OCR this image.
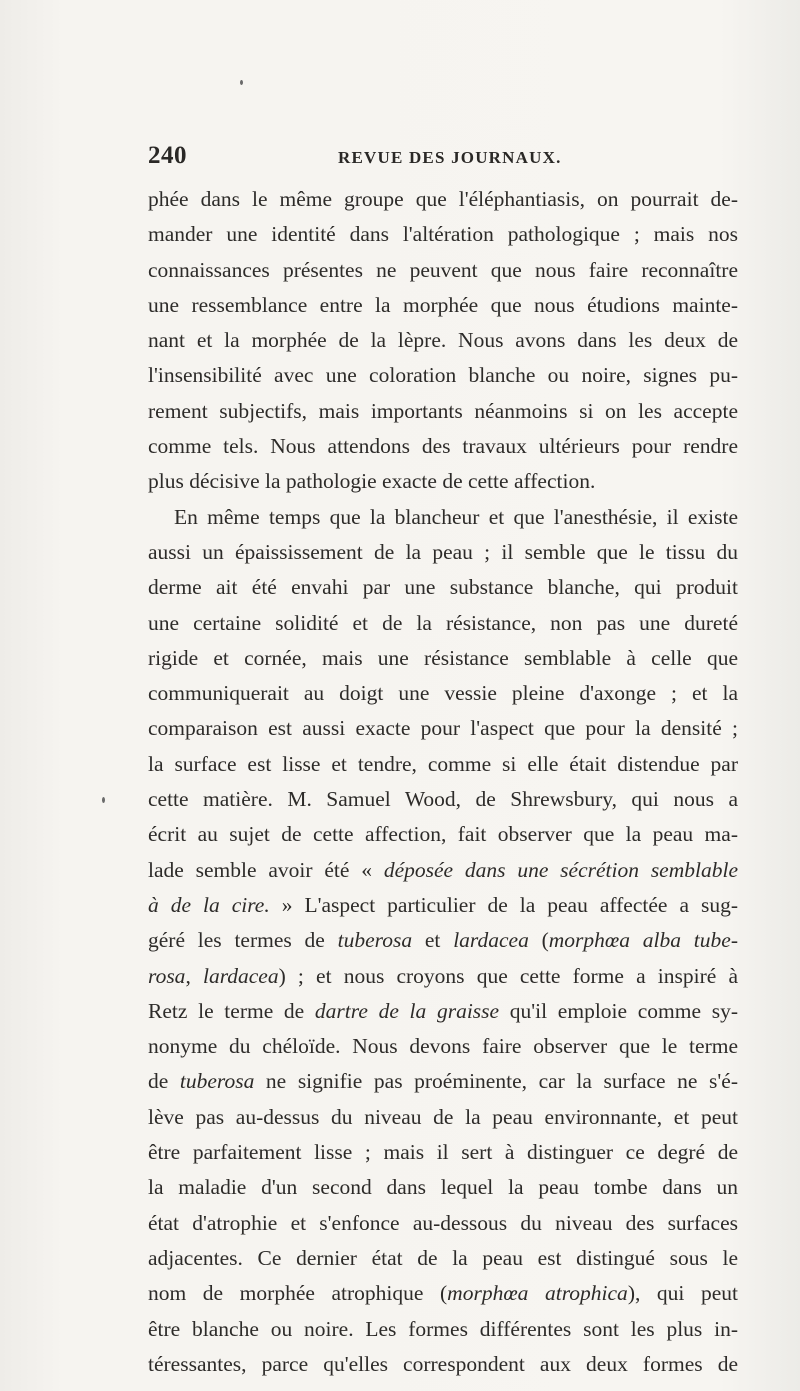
240	REVUE DES JOURNAUX.
phée dans le même groupe que l'éléphantiasis, on pourrait de-
mander une identité dans l'altération pathologique ; mais nos
connaissances présentes ne peuvent que nous faire reconnaître
une ressemblance entre la morphée que nous étudions mainte-
nant et la morphée de la lèpre. Nous avons dans les deux de
l'insensibilité avec une coloration blanche ou noire, signes pu-
rement subjectifs, mais importants néanmoins si on les accepte
comme tels. Nous attendons des travaux ultérieurs pour rendre
plus décisive la pathologie exacte de cette affection.
En même temps que la blancheur et que l'anesthésie, il existe
aussi un épaississement de la peau ; il semble que le tissu du
derme ait été envahi par une substance blanche, qui produit
une certaine solidité et de la résistance, non pas une dureté
rigide et cornée, mais une résistance semblable à celle que
communiquerait au doigt une vessie pleine d'axonge ; et la
comparaison est aussi exacte pour l'aspect que pour la densité ;
la surface est lisse et tendre, comme si elle était distendue par
cette matière. M. Samuel Wood, de Shrewsbury, qui nous a
écrit au sujet de cette affection, fait observer que la peau ma-
lade semble avoir été « déposée dans une sécrétion semblable
à de la cire. » L'aspect particulier de la peau affectée a sug-
géré les termes de tuberosa et lardacea (morphœa alba tube-
rosa, lardacea) ; et nous croyons que cette forme a inspiré à
Retz le terme de dartre de la graisse qu'il emploie comme sy-
nonyme du chéloïde. Nous devons faire observer que le terme
de tuberosa ne signifie pas proéminente, car la surface ne s'é-
lève pas au-dessus du niveau de la peau environnante, et peut
être parfaitement lisse ; mais il sert à distinguer ce degré de
la maladie d'un second dans lequel la peau tombe dans un
état d'atrophie et s'enfonce au-dessous du niveau des surfaces
adjacentes. Ce dernier état de la peau est distingué sous le
nom de morphée atrophique (morphœa atrophica), qui peut
être blanche ou noire. Les formes différentes sont les plus in-
téressantes, parce qu'elles correspondent aux deux formes de
